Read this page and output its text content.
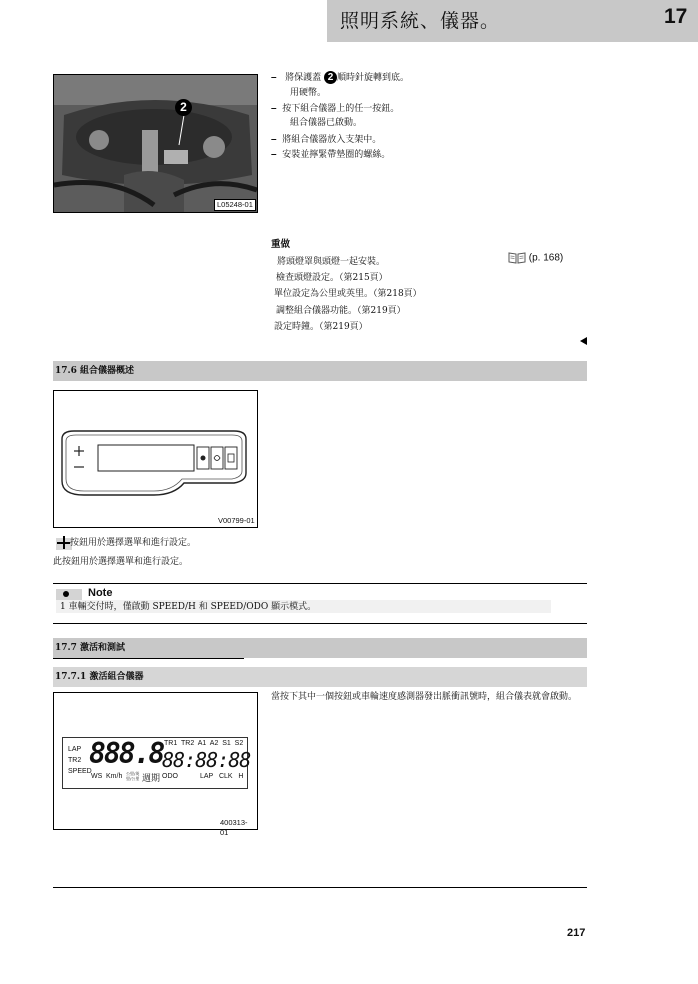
照明系統、儀器。	17
2
L05248-01
– 將保護蓋 2 順時針旋轉到底。
用硬幣。
– 按下組合儀器上的任一按鈕。
組合儀器已啟動。
– 將組合儀器放入支架中。
– 安裝並擰緊帶墊圈的螺絲。
重做
將頭燈罩與頭燈一起安裝。
檢查頭燈設定。（第215頁）
單位設定為公里或英里。（第218頁）
調整組合儀器功能。（第219頁）
設定時鐘。（第219頁）
(p. 168)
17.6 組合儀器概述
V00799-01
按鈕用於選擇選單和進行設定。
此按鈕用於選擇選單和進行設定。
Note
1 車輛交付時，僅啟動 SPEED/H 和 SPEED/ODO 顯示模式。
17.7 激活和測試
17.7.1 激活組合儀器
當按下其中一個按鈕或車輪速度感測器發出脈衝訊號時，組合儀表就會啟動。
LAP
TR2
SPEED
888.8 TR1  TR2  A1  A2  S1  S2
88:88:88
WS Km/h 公里/英
里/公里 週期 ODO	LAP   CLK   H
400313-01
217
